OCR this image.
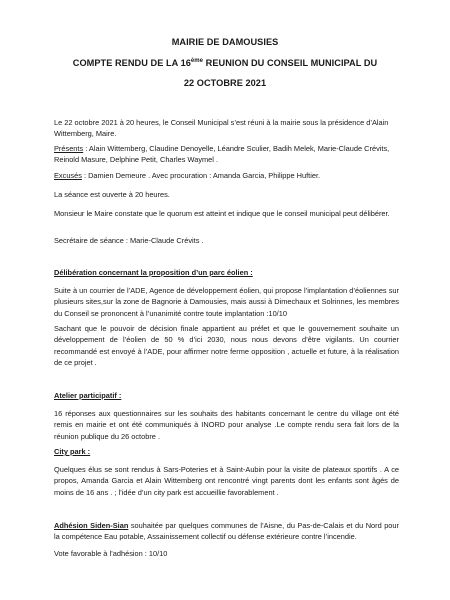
MAIRIE DE DAMOUSIES
COMPTE RENDU DE LA 16ème REUNION DU CONSEIL MUNICIPAL DU
22 OCTOBRE 2021

Le 22 octobre 2021 à 20 heures, le Conseil Municipal s’est réuni à la mairie sous la présidence d’Alain Wittemberg, Maire.

Présents : Alain Wittemberg, Claudine Denoyelle, Léandre Sculier, Badih Melek, Marie-Claude Crévits, Reinold Masure, Delphine Petit, Charles Waymel .

Excusés : Damien Demeure . Avec procuration : Amanda Garcia, Philippe Huftier.

La séance est ouverte à 20 heures.

Monsieur le Maire constate que le quorum est atteint et indique que le conseil municipal peut délibérer.

Secrétaire de séance : Marie-Claude Crévits .

Délibération concernant la proposition d’un parc éolien :

Suite à un courrier de l’ADE, Agence de développement éolien, qui propose l’implantation d’éoliennes sur plusieurs sites,sur la zone de Bagnorie à Damousies, mais aussi à Dimechaux et Solrinnes, les membres du Conseil se prononcent à l’unanimité contre toute implantation :10/10

Sachant que le pouvoir de décision finale appartient au préfet et que le gouvernement souhaite un développement de l’éolien de 50 % d’ici 2030, nous nous devons d’être vigilants. Un courrier recommandé est envoyé à l’ADE, pour affirmer notre ferme opposition , actuelle et future, à la réalisation de ce projet .

Atelier participatif :

16 réponses aux questionnaires sur les souhaits des habitants concernant le centre du village ont été remis en mairie et ont été communiqués à INORD pour analyse .Le compte rendu sera fait lors de la réunion publique du 26 octobre .

City park :

Quelques élus se sont rendus à Sars-Poteries et à Saint-Aubin pour la visite de plateaux sportifs . A ce propos, Amanda Garcia et Alain Wittemberg ont rencontré vingt parents dont les enfants sont âgés de moins de 16 ans . ; l’idée d’un city park est accueillie favorablement .

Adhésion Siden-Sian souhaitée par quelques communes de l’Aisne, du Pas-de-Calais et du Nord pour la compétence Eau potable, Assainissement collectif ou défense extérieure contre l’incendie.

Vote favorable à l’adhésion : 10/10
